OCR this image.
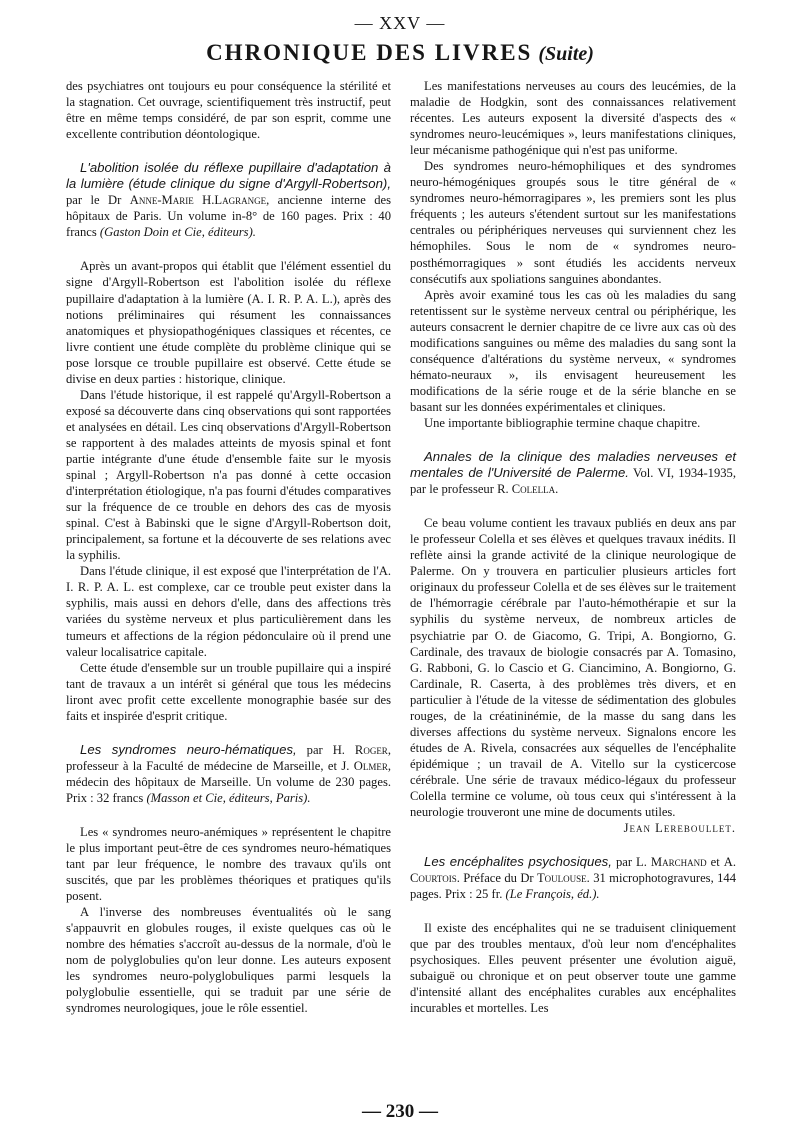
— XXV —
CHRONIQUE DES LIVRES (Suite)

des psychiatres ont toujours eu pour conséquence la stérilité et la stagnation. Cet ouvrage, scientifiquement très instructif, peut être en même temps considéré, de par son esprit, comme une excellente contribution déontologique.

L'abolition isolée du réflexe pupillaire d'adaptation à la lumière (étude clinique du signe d'Argyll-Robertson), par le Dr Anne-Marie H.Lagrange, ancienne interne des hôpitaux de Paris. Un volume in-8° de 160 pages. Prix : 40 francs (Gaston Doin et Cie, éditeurs).

Après un avant-propos qui établit que l'élément essentiel du signe d'Argyll-Robertson est l'abolition isolée du réflexe pupillaire d'adaptation à la lumière (A. I. R. P. A. L.), après des notions préliminaires qui résument les connaissances anatomiques et physiopathogéniques classiques et récentes, ce livre contient une étude complète du problème clinique qui se pose lorsque ce trouble pupillaire est observé. Cette étude se divise en deux parties : historique, clinique.

Dans l'étude historique, il est rappelé qu'Argyll-Robertson a exposé sa découverte dans cinq observations qui sont rapportées et analysées en détail. Les cinq observations d'Argyll-Robertson se rapportent à des malades atteints de myosis spinal et font partie intégrante d'une étude d'ensemble faite sur le myosis spinal ; Argyll-Robertson n'a pas donné à cette occasion d'interprétation étiologique, n'a pas fourni d'études comparatives sur la fréquence de ce trouble en dehors des cas de myosis spinal. C'est à Babinski que le signe d'Argyll-Robertson doit, principalement, sa fortune et la découverte de ses relations avec la syphilis.

Dans l'étude clinique, il est exposé que l'interprétation de l'A. I. R. P. A. L. est complexe, car ce trouble peut exister dans la syphilis, mais aussi en dehors d'elle, dans des affections très variées du système nerveux et plus particulièrement dans les tumeurs et affections de la région pédonculaire où il prend une valeur localisatrice capitale.

Cette étude d'ensemble sur un trouble pupillaire qui a inspiré tant de travaux a un intérêt si général que tous les médecins liront avec profit cette excellente monographie basée sur des faits et inspirée d'esprit critique.

Les syndromes neuro-hématiques, par H. Roger, professeur à la Faculté de médecine de Marseille, et J. Olmer, médecin des hôpitaux de Marseille. Un volume de 230 pages. Prix : 32 francs (Masson et Cie, éditeurs, Paris).

Les « syndromes neuro-anémiques » représentent le chapitre le plus important peut-être de ces syndromes neuro-hématiques tant par leur fréquence, le nombre des travaux qu'ils ont suscités, que par les problèmes théoriques et pratiques qu'ils posent.

A l'inverse des nombreuses éventualités où le sang s'appauvrit en globules rouges, il existe quelques cas où le nombre des hématies s'accroît au-dessus de la normale, d'où le nom de polyglobulies qu'on leur donne. Les auteurs exposent les syndromes neuro-polyglobuliques parmi lesquels la polyglobulie essentielle, qui se traduit par une série de syndromes neurologiques, joue le rôle essentiel.

Les manifestations nerveuses au cours des leucémies, de la maladie de Hodgkin, sont des connaissances relativement récentes. Les auteurs exposent la diversité d'aspects des « syndromes neuro-leucémiques », leurs manifestations cliniques, leur mécanisme pathogénique qui n'est pas uniforme.

Des syndromes neuro-hémophiliques et des syndromes neuro-hémogéniques groupés sous le titre général de « syndromes neuro-hémorragipares », les premiers sont les plus fréquents ; les auteurs s'étendent surtout sur les manifestations centrales ou périphériques nerveuses qui surviennent chez les hémophiles. Sous le nom de « syndromes neuro-posthémorragiques » sont étudiés les accidents nerveux consécutifs aux spoliations sanguines abondantes.

Après avoir examiné tous les cas où les maladies du sang retentissent sur le système nerveux central ou périphérique, les auteurs consacrent le dernier chapitre de ce livre aux cas où des modifications sanguines ou même des maladies du sang sont la conséquence d'altérations du système nerveux, « syndromes hémato-neuraux », ils envisagent heureusement les modifications de la série rouge et de la série blanche en se basant sur les données expérimentales et cliniques.

Une importante bibliographie termine chaque chapitre.

Annales de la clinique des maladies nerveuses et mentales de l'Université de Palerme. Vol. VI, 1934-1935, par le professeur R. Colella.

Ce beau volume contient les travaux publiés en deux ans par le professeur Colella et ses élèves et quelques travaux inédits. Il reflète ainsi la grande activité de la clinique neurologique de Palerme. On y trouvera en particulier plusieurs articles fort originaux du professeur Colella et de ses élèves sur le traitement de l'hémorragie cérébrale par l'auto-hémothérapie et sur la syphilis du système nerveux, de nombreux articles de psychiatrie par O. de Giacomo, G. Tripi, A. Bongiorno, G. Cardinale, des travaux de biologie consacrés par A. Tomasino, G. Rabboni, G. lo Cascio et G. Ciancimino, A. Bongiorno, G. Cardinale, R. Caserta, à des problèmes très divers, et en particulier à l'étude de la vitesse de sédimentation des globules rouges, de la créatininémie, de la masse du sang dans les diverses affections du système nerveux. Signalons encore les études de A. Rivela, consacrées aux séquelles de l'encéphalite épidémique ; un travail de A. Vitello sur la cysticercose cérébrale. Une série de travaux médico-légaux du professeur Colella termine ce volume, où tous ceux qui s'intéressent à la neurologie trouveront une mine de documents utiles.

Jean Lereboullet.

Les encéphalites psychosiques, par L. Marchand et A. Courtois. Préface du Dr Toulouse. 31 microphotogravures, 144 pages. Prix : 25 fr. (Le François, éd.).

Il existe des encéphalites qui ne se traduisent cliniquement que par des troubles mentaux, d'où leur nom d'encéphalites psychosiques. Elles peuvent présenter une évolution aiguë, subaiguë ou chronique et on peut observer toute une gamme d'intensité allant des encéphalites curables aux encéphalites incurables et mortelles. Les

— 230 —
